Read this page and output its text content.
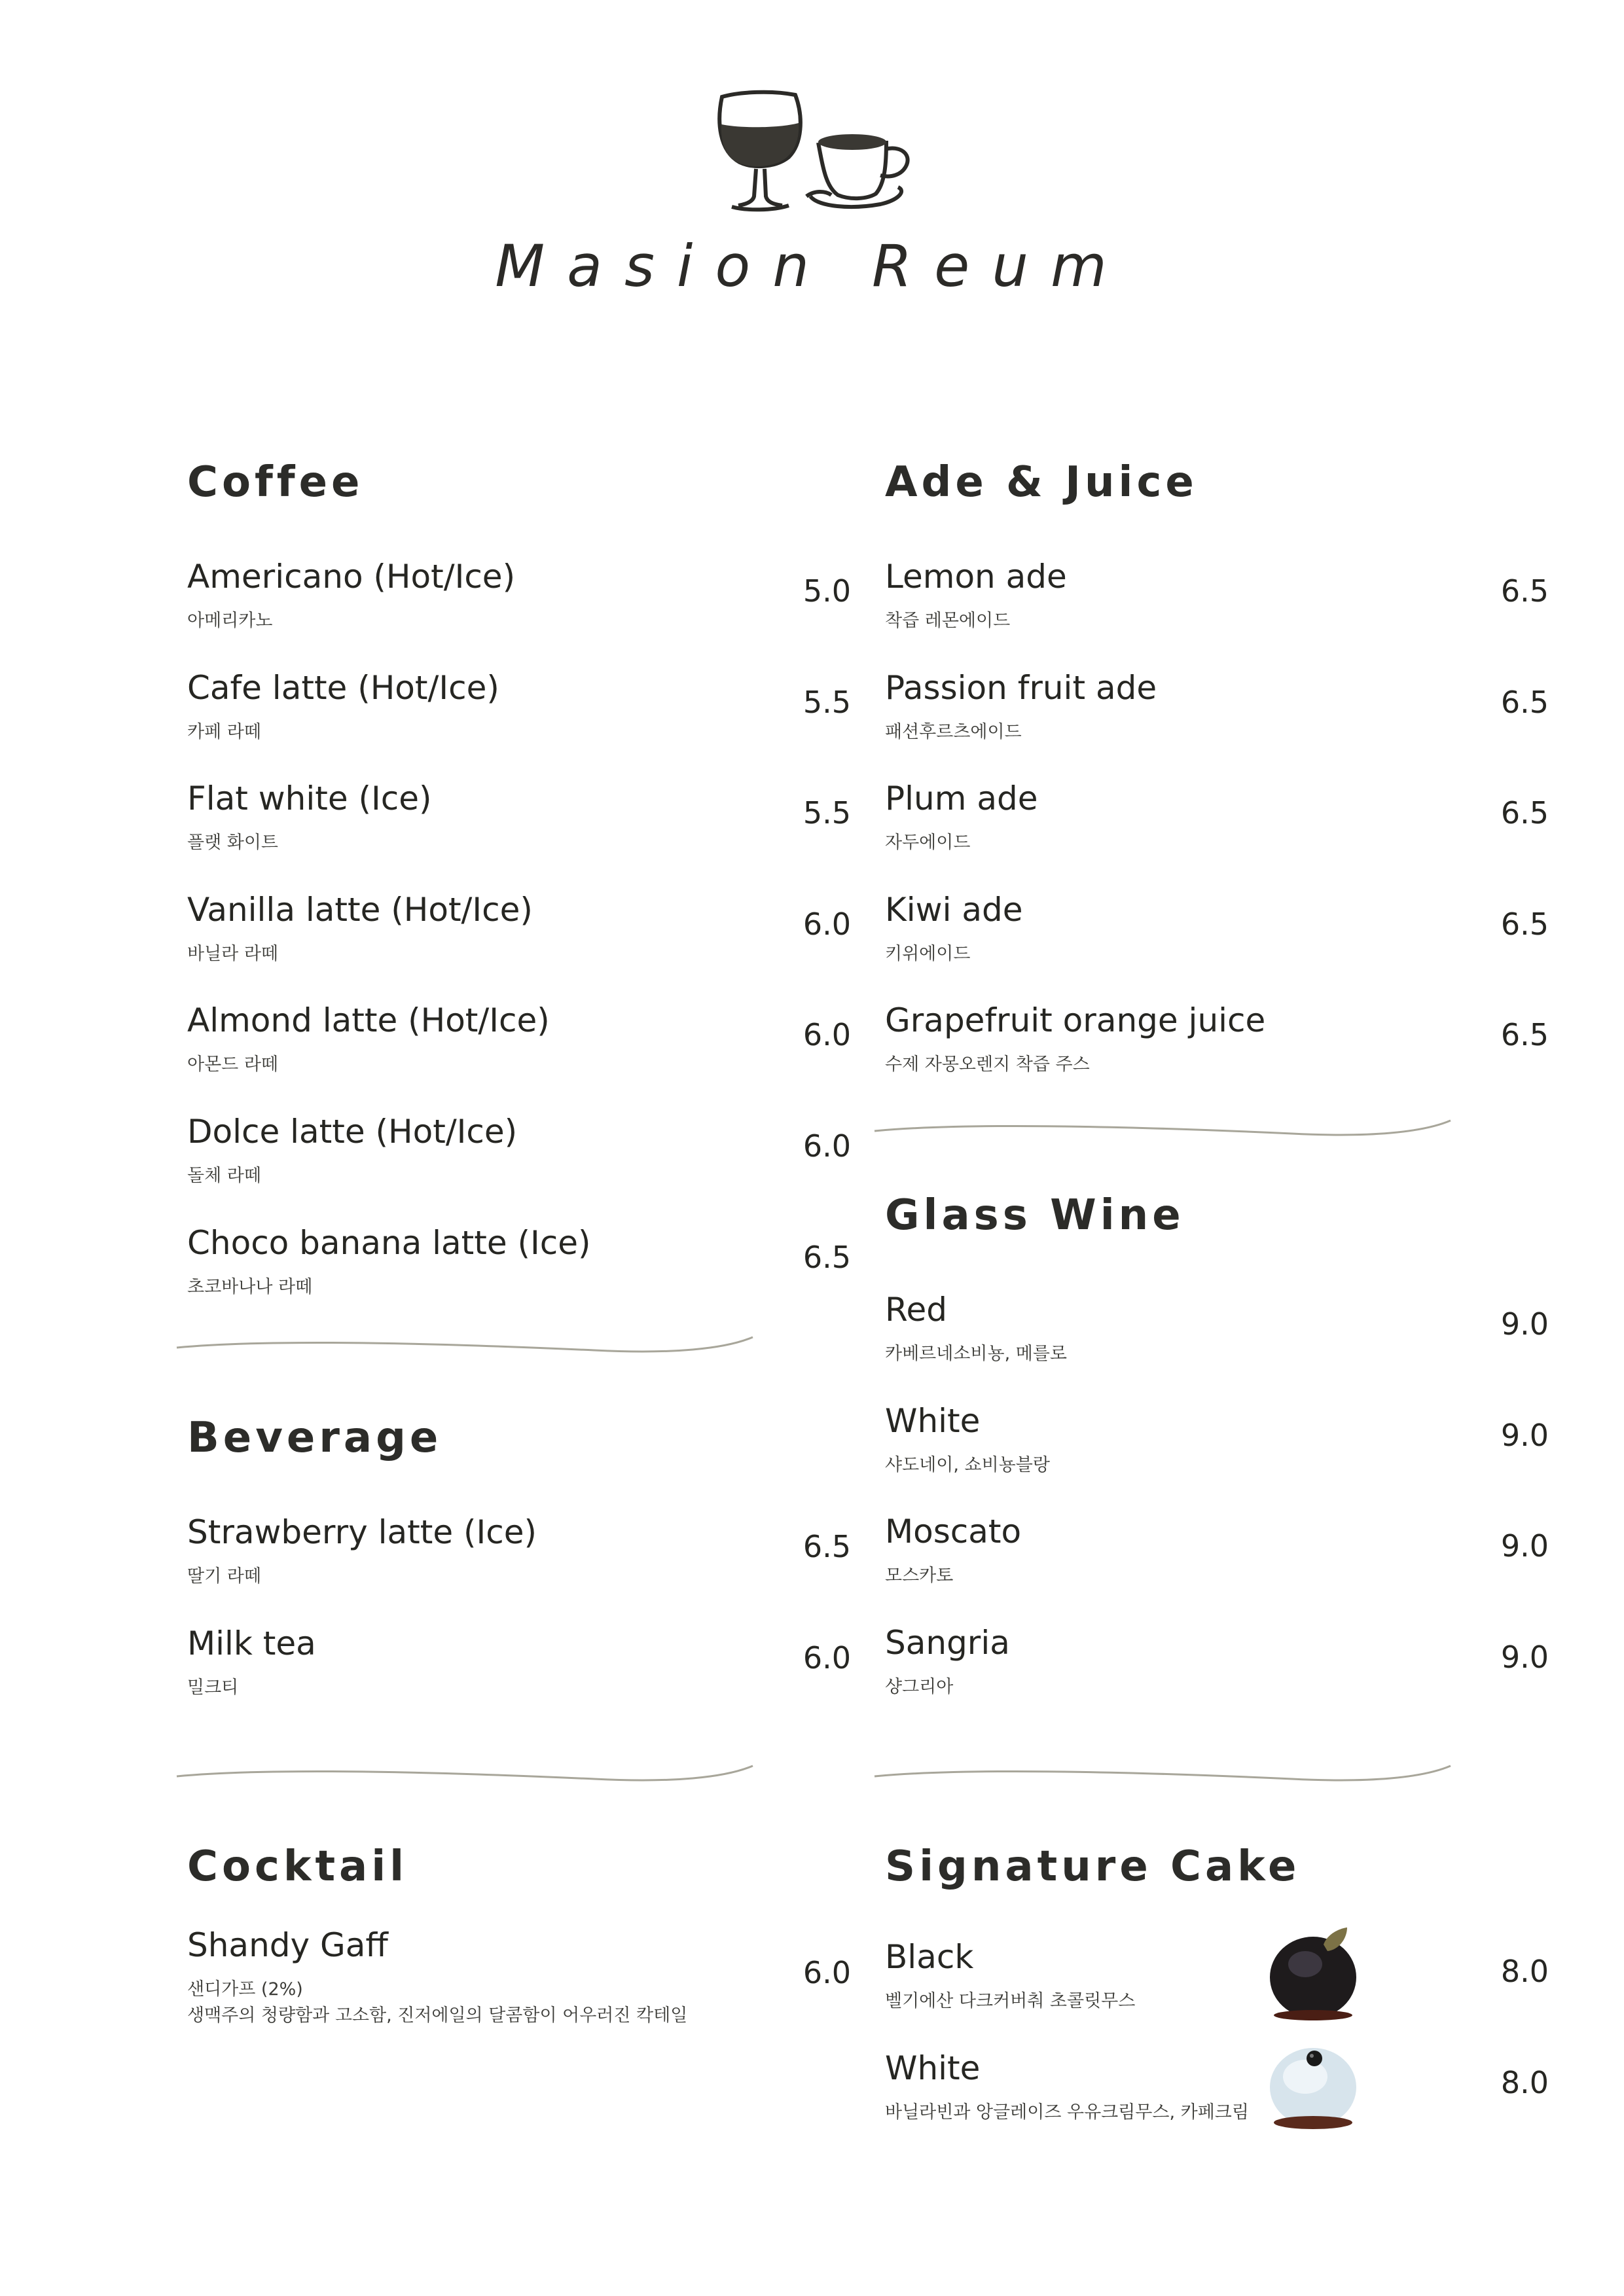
Masion Reum
Coffee
Americano (Hot/Ice)
아메리카노
5.0
Cafe latte (Hot/Ice)
카페 라떼
5.5
Flat white (Ice)
플랫 화이트
5.5
Vanilla latte (Hot/Ice)
바닐라 라떼
6.0
Almond latte (Hot/Ice)
아몬드 라떼
6.0
Dolce latte (Hot/Ice)
돌체 라떼
6.0
Choco banana latte (Ice)
초코바나나 라떼
6.5
Beverage
Strawberry latte (Ice)
딸기 라떼
6.5
Milk tea
밀크티
6.0
Cocktail
Shandy Gaff
샌디가프 (2%)
생맥주의 청량함과 고소함, 진저에일의 달콤함이 어우러진 칵테일
6.0
Ade & Juice
Lemon ade
착즙 레몬에이드
6.5
Passion fruit ade
패션후르츠에이드
6.5
Plum ade
자두에이드
6.5
Kiwi ade
키위에이드
6.5
Grapefruit orange juice
수제 자몽오렌지 착즙 주스
6.5
Glass Wine
Red
카베르네소비뇽, 메를로
9.0
White
샤도네이, 쇼비뇽블랑
9.0
Moscato
모스카토
9.0
Sangria
샹그리아
9.0
Signature Cake
Black
벨기에산 다크커버춰 초콜릿무스
8.0
White
바닐라빈과 앙글레이즈 우유크림무스, 카페크림
8.0
